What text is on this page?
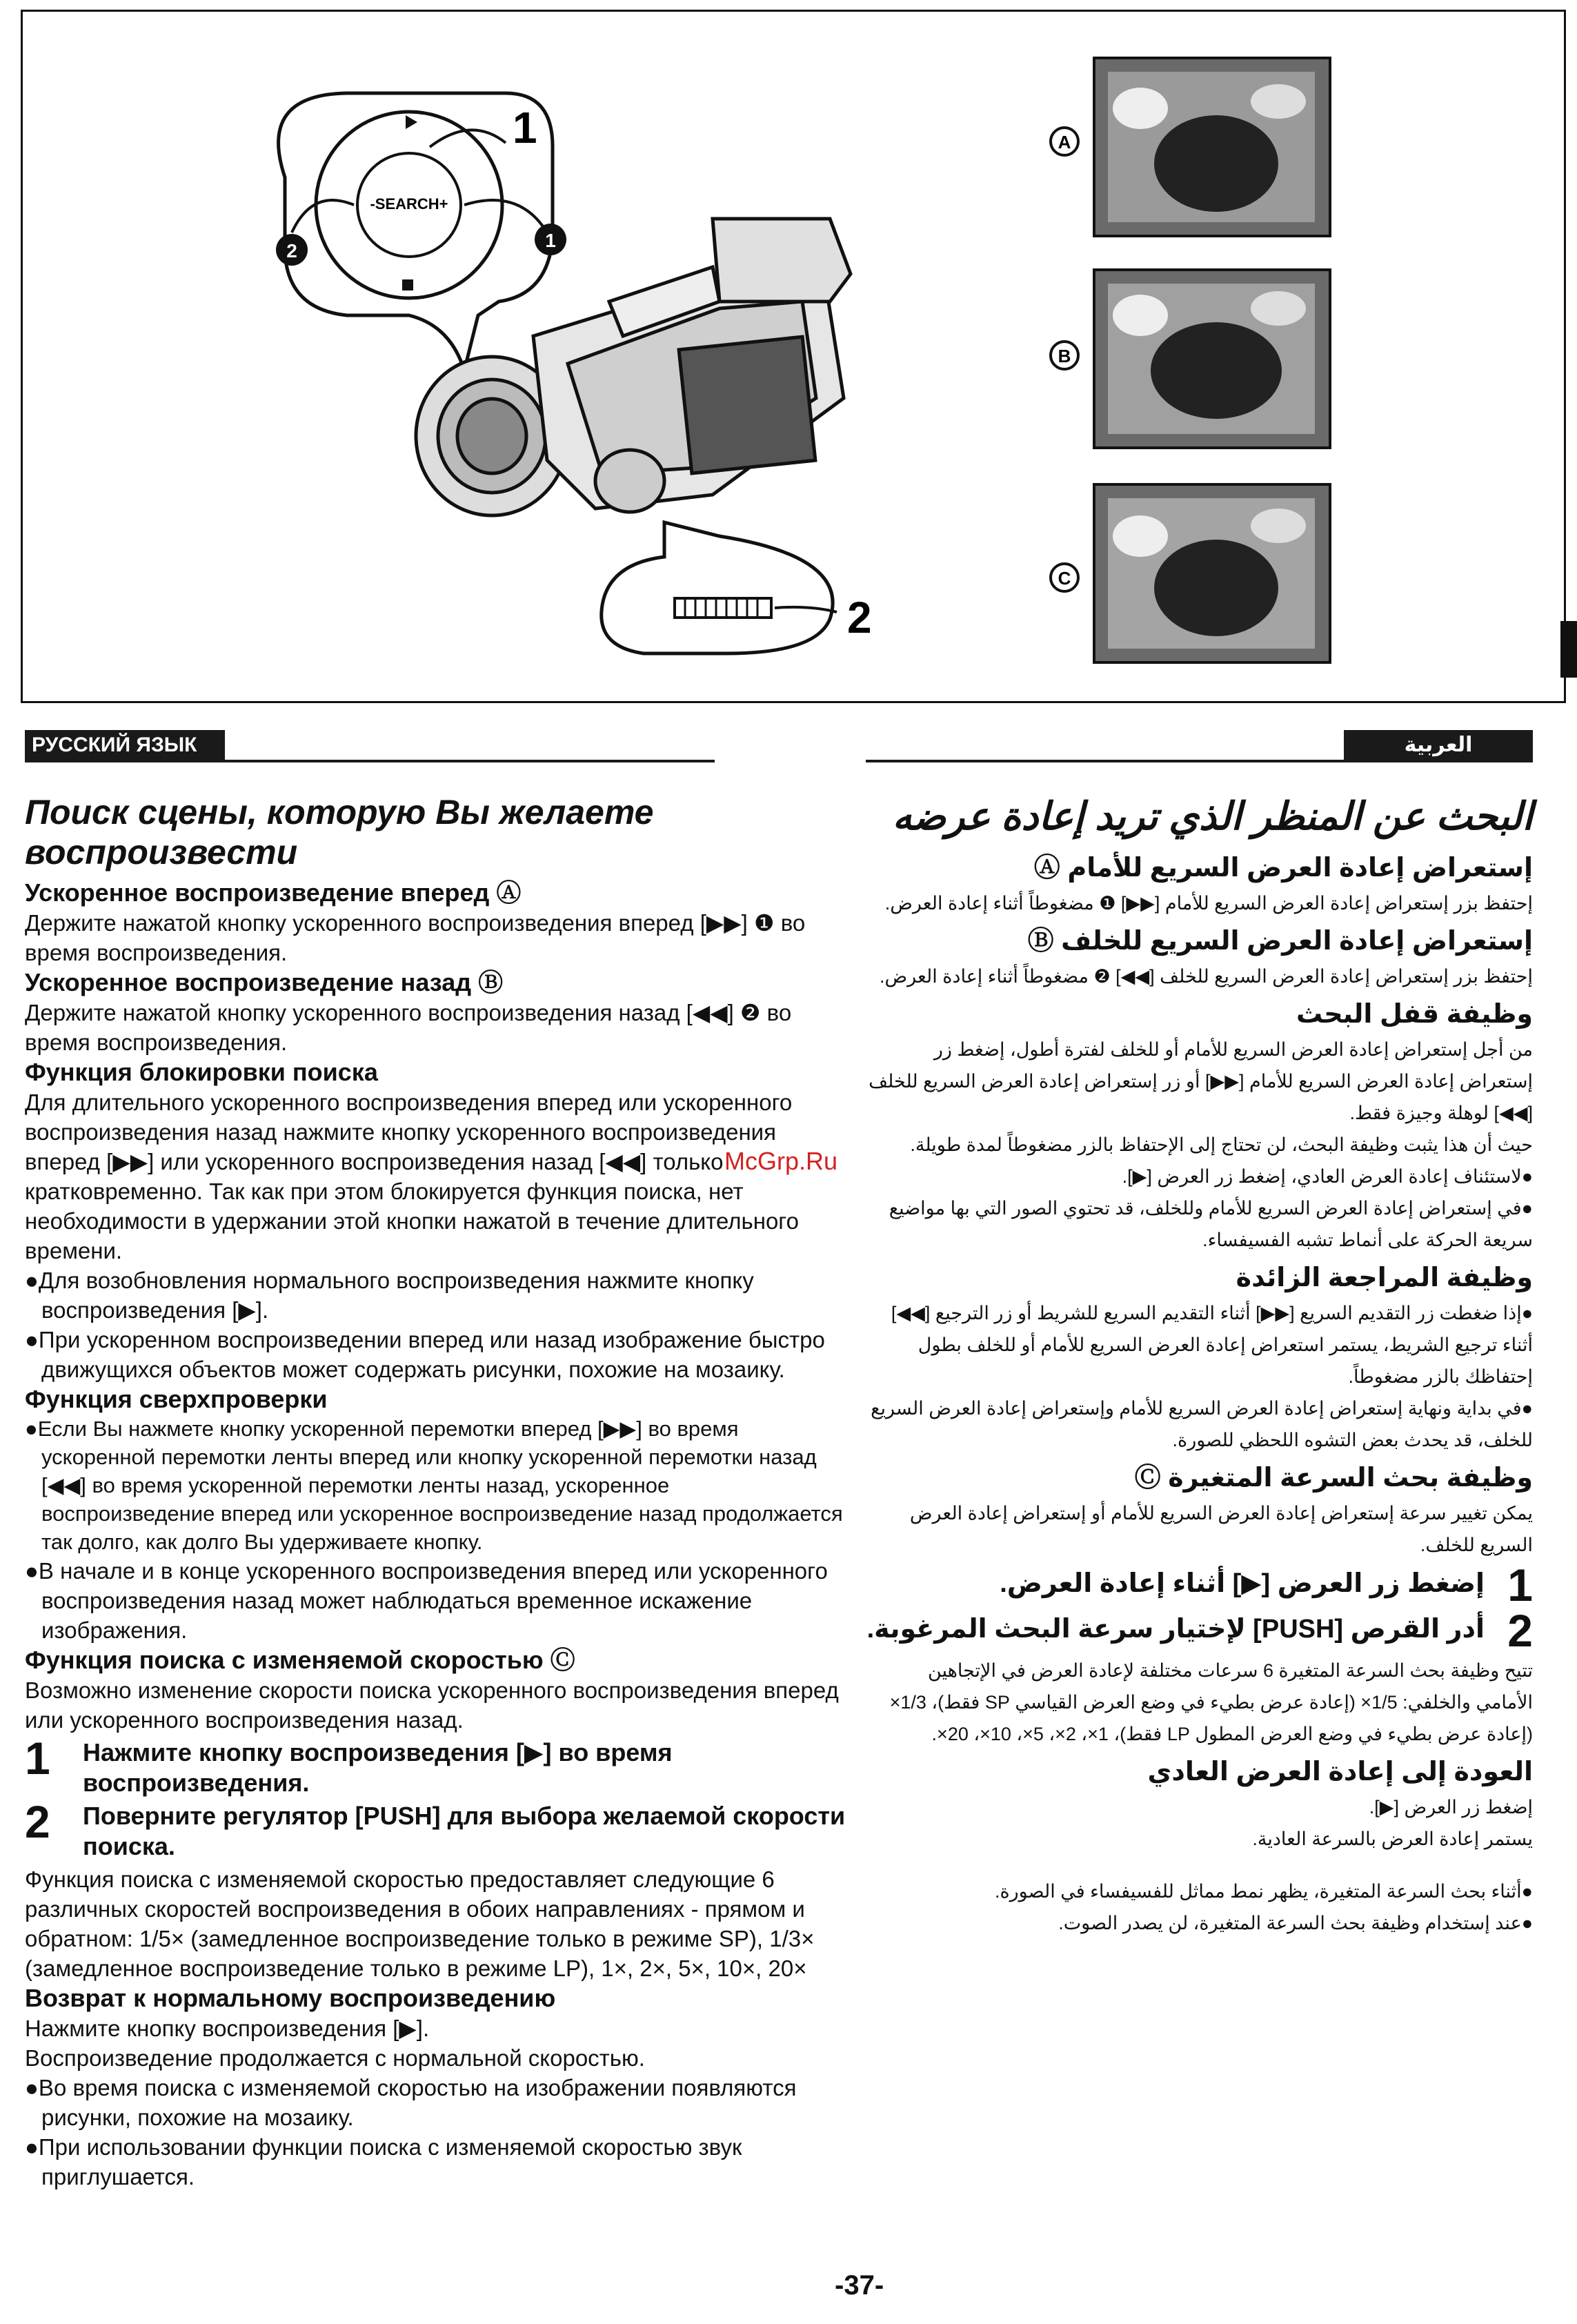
-SEARCH+
1
1
2
2
A
B
C
РУССКИЙ ЯЗЫК	العربية
Поиск сцены, которую Вы желаете воспроизвести
Ускоренное воспроизведение вперед Ⓐ

Держите нажатой кнопку ускоренного воспроизведения вперед [▶▶] ❶ во время воспроизведения.

Ускоренное воспроизведение назад Ⓑ

Держите нажатой кнопку ускоренного воспроизведения назад [◀◀] ❷ во время воспроизведения.

Функция блокировки поиска

Для длительного ускоренного воспроизведения вперед или ускоренного воспроизведения назад нажмите кнопку ускоренного воспроизведения вперед [▶▶] или ускоренного воспроизведения назад [◀◀] только кратковременно. Так как при этом блокируется функция поиска, нет необходимости в удержании этой кнопки нажатой в течение длительного времени.

●Для возобновления нормального воспроизведения нажмите кнопку воспроизведения [▶].

●При ускоренном воспроизведении вперед или назад изображение быстро движущихся объектов может содержать рисунки, похожие на мозаику.

Функция сверхпроверки

●Если Вы нажмете кнопку ускоренной перемотки вперед [▶▶] во время ускоренной перемотки ленты вперед или кнопку ускоренной перемотки назад [◀◀] во время ускоренной перемотки ленты назад, ускоренное воспроизведение вперед или ускоренное воспроизведение назад продолжается так долго, как долго Вы удерживаете кнопку.

●В начале и в конце ускоренного воспроизведения вперед или ускоренного воспроизведения назад может наблюдаться временное искажение изображения.

Функция поиска с изменяемой скоростью Ⓒ

Возможно изменение скорости поиска ускоренного воспроизведения вперед или ускоренного воспроизведения назад.

1	Нажмите кнопку воспроизведения [▶] во время воспроизведения.
2	Поверните регулятор [PUSH] для выбора желаемой скорости поиска.

Функция поиска с изменяемой скоростью предоставляет следующие 6 различных скоростей воспроизведения в обоих направлениях - прямом и обратном: 1/5× (замедленное воспроизведение только в режиме SP), 1/3× (замедленное воспроизведение только в режиме LP), 1×, 2×, 5×, 10×, 20×

Возврат к нормальному воспроизведению

Нажмите кнопку воспроизведения [▶].

Воспроизведение продолжается с нормальной скоростью.

●Во время поиска с изменяемой скоростью на изображении появляются рисунки, похожие на мозаику.

●При использовании функции поиска с изменяемой скоростью звук приглушается.

البحث عن المنظر الذي تريد إعادة عرضه
إستعراض إعادة العرض السريع للأمام Ⓐ

إحتفظ بزر إستعراض إعادة العرض السريع للأمام [▶▶] ❶ مضغوطاً أثناء إعادة العرض.

إستعراض إعادة العرض السريع للخلف Ⓑ

إحتفظ بزر إستعراض إعادة العرض السريع للخلف [◀◀] ❷ مضغوطاً أثناء إعادة العرض.

وظيفة قفل البحث

من أجل إستعراض إعادة العرض السريع للأمام أو للخلف لفترة أطول، إضغط زر إستعراض إعادة العرض السريع للأمام [▶▶] أو زر إستعراض إعادة العرض السريع للخلف [◀◀] لوهلة وجيزة فقط.

حيث أن هذا يثبت وظيفة البحث، لن تحتاج إلى الإحتفاظ بالزر مضغوطاً لمدة طويلة.

●لاستئناف إعادة العرض العادي، إضغط زر العرض [▶].

●في إستعراض إعادة العرض السريع للأمام وللخلف، قد تحتوي الصور التي بها مواضيع سريعة الحركة على أنماط تشبه الفسيفساء.

وظيفة المراجعة الزائدة

●إذا ضغطت زر التقديم السريع [▶▶] أثناء التقديم السريع للشريط أو زر الترجيع [◀◀] أثناء ترجيع الشريط، يستمر استعراض إعادة العرض السريع للأمام أو للخلف بطول إحتفاظك بالزر مضغوطاً.

●في بداية ونهاية إستعراض إعادة العرض السريع للأمام وإستعراض إعادة العرض السريع للخلف، قد يحدث بعض التشوه اللحظي للصورة.

وظيفة بحث السرعة المتغيرة Ⓒ

يمكن تغيير سرعة إستعراض إعادة العرض السريع للأمام أو إستعراض إعادة العرض السريع للخلف.

1
إضغط زر العرض [▶] أثناء إعادة العرض.
2
أدر القرص [PUSH] لإختيار سرعة البحث المرغوبة.

تتيح وظيفة بحث السرعة المتغيرة 6 سرعات مختلفة لإعادة العرض في الإتجاهين الأمامي والخلفي: 1/5× (إعادة عرض بطيء في وضع العرض القياسي SP فقط)، 1/3× (إعادة عرض بطيء في وضع العرض المطول LP فقط)، 1×، 2×، 5×، 10×، 20×.

العودة إلى إعادة العرض العادي

إضغط زر العرض [▶].

يستمر إعادة العرض بالسرعة العادية.

●أثناء بحث السرعة المتغيرة، يظهر نمط مماثل للفسيفساء في الصورة.

●عند إستخدام وظيفة بحث السرعة المتغيرة، لن يصدر الصوت.

McGrp.Ru
-37-
